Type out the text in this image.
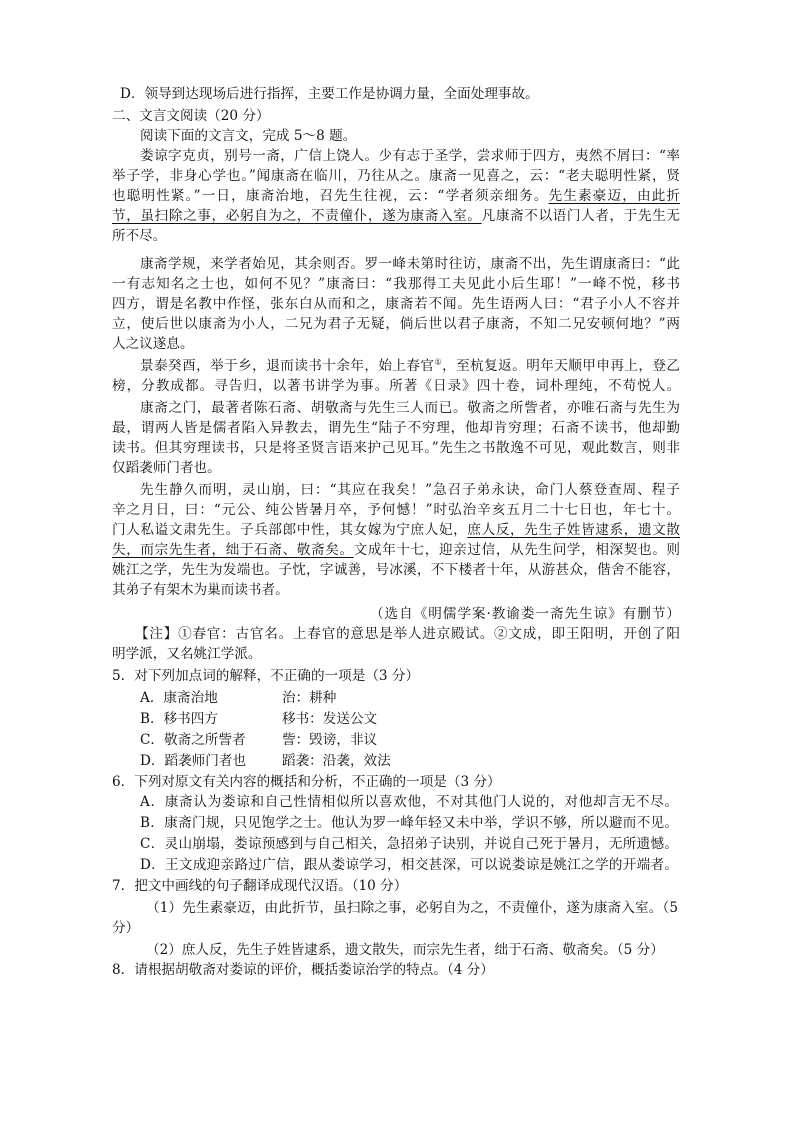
D．领导到达现场后进行指挥，主要工作是协调力量，全面处理事故。
二、文言文阅读（20 分）
阅读下面的文言文，完成 5～8 题。
娄谅字克贞，别号一斋，广信上饶人。少有志于圣学，尝求师于四方，夷然不屑曰：“率
举子学，非身心学也。”闻康斋在临川，乃往从之。康斋一见喜之，云：“老夫聪明性紧，贤
也聪明性紧。”一日，康斋治地，召先生往视，云：“学者须亲细务。先生素豪迈，由此折
节，虽扫除之事，必躬自为之，不责僮仆，遂为康斋入室。凡康斋不以语门人者，于先生无
所不尽。
康斋学规，来学者始见，其余则否。罗一峰未第时往访，康斋不出，先生谓康斋曰：“此
一有志知名之士也，如何不见？”康斋曰：“我那得工夫见此小后生耶！”一峰不悦，移书
四方，谓是名教中作怪，张东白从而和之，康斋若不闻。先生语两人曰：“君子小人不容并
立，使后世以康斋为小人，二兄为君子无疑，倘后世以君子康斋，不知二兄安顿何地？”两
人之议遂息。
景泰癸酉，举于乡，退而读书十余年，始上春官①，至杭复返。明年天顺甲申再上，登乙
榜，分教成都。寻告归，以著书讲学为事。所著《日录》四十卷，词朴理纯，不苟悦人。
康斋之门，最著者陈石斋、胡敬斋与先生三人而已。敬斋之所訾者，亦唯石斋与先生为
最，谓两人皆是儒者陷入异教去，谓先生“陆子不穷理，他却肯穷理；石斋不读书，他却勤
读书。但其穷理读书，只是将圣贤言语来护己见耳。”先生之书散逸不可见，观此数言，则非
仅蹈袭师门者也。
先生静久而明，灵山崩，曰：“其应在我矣！”急召子弟永诀，命门人蔡登查周、程子
辛之月日，曰：“元公、纯公皆暑月卒，予何憾！”时弘治辛亥五月二十七日也，年七十。
门人私谥文肃先生。子兵部郎中性，其女嫁为宁庶人妃，庶人反，先生子姓皆逮系，遗文散
失，而宗先生者，绌于石斋、敬斋矣。文成年十七，迎亲过信，从先生问学，相深契也。则
姚江之学，先生为发端也。子忱，字诚善，号冰溪，不下楼者十年，从游甚众，偕舍不能容，
其弟子有架木为巢而读书者。
（选自《明儒学案·教谕娄一斋先生谅》有删节）
【注】①春官：古官名。上春官的意思是举人进京殿试。②文成，即王阳明，开创了阳
明学派，又名姚江学派。
5．对下列加点词的解释，不正确的一项是（3 分）
6．下列对原文有关内容的概括和分析，不正确的一项是（3 分）
A．康斋认为娄谅和自己性情相似所以喜欢他，不对其他门人说的，对他却言无不尽。
B．康斋门规，只见饱学之士。他认为罗一峰年轻又未中举，学识不够，所以避而不见。
C．灵山崩塌，娄谅预感到与自己相关，急招弟子诀别，并说自己死于暑月，无所遗憾。
D．王文成迎亲路过广信，跟从娄谅学习，相交甚深，可以说娄谅是姚江之学的开端者。
7．把文中画线的句子翻译成现代汉语。（10 分）
（1）先生素豪迈，由此折节，虽扫除之事，必躬自为之，不责僮仆，遂为康斋入室。（5
分）
（2）庶人反，先生子姓皆逮系，遗文散失，而宗先生者，绌于石斋、敬斋矣。（5 分）
8．请根据胡敬斋对娄谅的评价，概括娄谅治学的特点。（4 分）
A．康斋治地	治：耕种
B．移书四方	移书：发送公文
C．敬斋之所訾者	訾：毁谤，非议
D．蹈袭师门者也	蹈袭：沿袭，效法
